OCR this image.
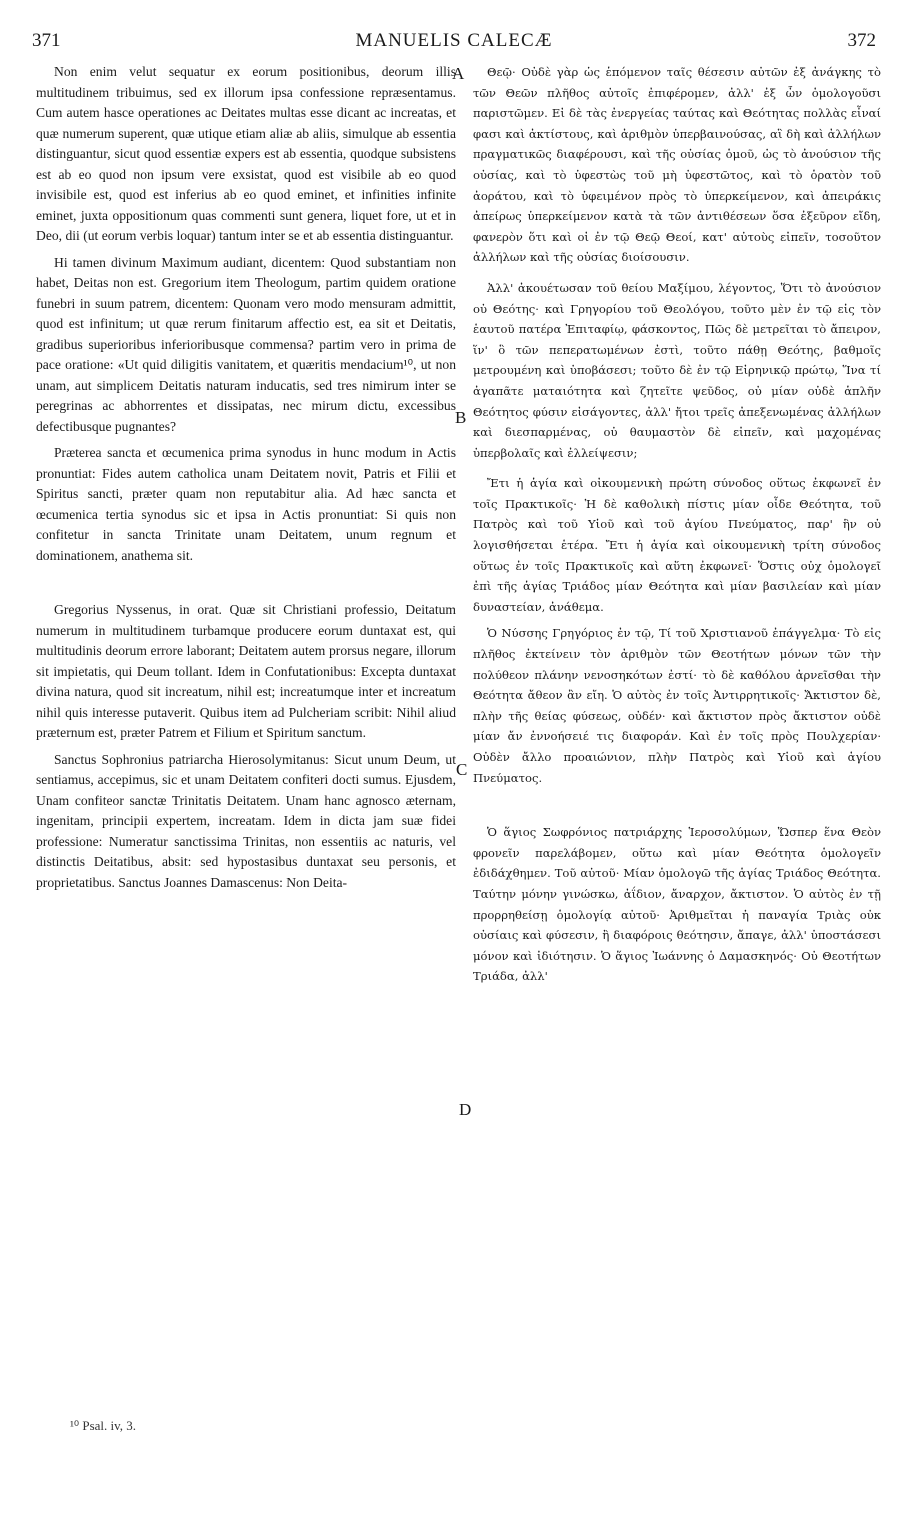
371	MANUELIS CALECÆ	372

Non enim velut sequatur ex eorum positionibus, deorum illis multitudinem tribuimus, sed ex illorum ipsa confessione repræsentamus. Cum autem hasce operationes ac Deitates multas esse dicant ac increatas, et quæ numerum superent, quæ utique etiam aliæ ab aliis, simulque ab essentia distinguantur, sicut quod essentiæ expers est ab essentia, quodque subsistens est ab eo quod non ipsum vere exsistat, quod est visibile ab eo quod invisibile est, quod est inferius ab eo quod eminet, et infinities infinite eminet, juxta oppositionum quas commenti sunt genera, liquet fore, ut et in Deo, dii (ut eorum verbis loquar) tantum inter se et ab essentia distinguantur.

Hi tamen divinum Maximum audiant, dicentem: Quod substantiam non habet, Deitas non est. Gregorium item Theologum, partim quidem oratione funebri in suum patrem, dicentem: Quonam vero modo mensuram admittit, quod est infinitum; ut quæ rerum finitarum affectio est, ea sit et Deitatis, gradibus superioribus inferioribusque commensa? partim vero in prima de pace oratione: «Ut quid diligitis vanitatem, et quæritis mendacium¹⁰, ut non unam, aut simplicem Deitatis naturam inducatis, sed tres nimirum inter se peregrinas ac abhorrentes et dissipatas, nec mirum dictu, excessibus defectibusque pugnantes?

Præterea sancta et œcumenica prima synodus in hunc modum in Actis pronuntiat: Fides autem catholica unam Deitatem novit, Patris et Filii et Spiritus sancti, præter quam non reputabitur alia. Ad hæc sancta et œcumenica tertia synodus sic et ipsa in Actis pronuntiat: Si quis non confitetur in sancta Trinitate unam Deitatem, unum regnum et dominationem, anathema sit.

Gregorius Nyssenus, in orat. Quæ sit Christiani professio, Deitatum numerum in multitudinem turbamque producere eorum duntaxat est, qui multitudinis deorum errore laborant; Deitatem autem prorsus negare, illorum sit impietatis, qui Deum tollant. Idem in Confutationibus: Excepta duntaxat divina natura, quod sit increatum, nihil est; increatumque inter et increatum nihil quis interesse putaverit. Quibus item ad Pulcheriam scribit: Nihil aliud præternum est, præter Patrem et Filium et Spiritum sanctum.

Sanctus Sophronius patriarcha Hierosolymitanus: Sicut unum Deum, ut sentiamus, accepimus, sic et unam Deitatem confiteri docti sumus. Ejusdem, Unam confiteor sanctæ Trinitatis Deitatem. Unam hanc agnosco æternam, ingenitam, principii expertem, increatam. Idem in dicta jam suæ fidei professione: Numeratur sanctissima Trinitas, non essentiis ac naturis, vel distinctis Deitatibus, absit: sed hypostasibus duntaxat seu personis, et proprietatibus. Sanctus Joannes Damascenus: Non Deita-

Θεῷ· Οὐδὲ γὰρ ὡς ἑπόμενον ταῖς θέσεσιν αὐτῶν ἐξ ἀνάγκης τὸ τῶν Θεῶν πλῆθος αὐτοῖς ἐπιφέρομεν, ἀλλ' ἐξ ὧν ὁμολογοῦσι παριστῶμεν. Εἰ δὲ τὰς ἐνεργείας ταύτας καὶ Θεότητας πολλὰς εἶναί φασι καὶ ἀκτίστους, καὶ ἀριθμὸν ὑπερβαινούσας, αἳ δὴ καὶ ἀλλήλων πραγματικῶς διαφέρουσι, καὶ τῆς οὐσίας ὁμοῦ, ὡς τὸ ἀνούσιον τῆς οὐσίας, καὶ τὸ ὑφεστὼς τοῦ μὴ ὑφεστῶτος, καὶ τὸ ὁρατὸν τοῦ ἀοράτου, καὶ τὸ ὑφειμένον πρὸς τὸ ὑπερκείμενον, καὶ ἀπειράκις ἀπείρως ὑπερκείμενον κατὰ τὰ τῶν ἀντιθέσεων ὅσα ἐξεῦρον εἴδη, φανερὸν ὅτι καὶ οἱ ἐν τῷ Θεῷ Θεοί, κατ' αὐτοὺς εἰπεῖν, τοσοῦτον ἀλλήλων καὶ τῆς οὐσίας διοίσουσιν.

Ἀλλ' ἀκουέτωσαν τοῦ θείου Μαξίμου, λέγοντος, Ὅτι τὸ ἀνούσιον οὐ Θεότης· καὶ Γρηγορίου τοῦ Θεολόγου, τοῦτο μὲν ἐν τῷ εἰς τὸν ἑαυτοῦ πατέρα Ἐπιταφίῳ, φάσκοντος, Πῶς δὲ μετρεῖται τὸ ἄπειρον, ἵν' ὃ τῶν πεπερατωμένων ἐστὶ, τοῦτο πάθῃ Θεότης, βαθμοῖς μετρουμένη καὶ ὑποβάσεσι; τοῦτο δὲ ἐν τῷ Εἰρηνικῷ πρώτῳ, Ἵνα τί ἀγαπᾶτε ματαιότητα καὶ ζητεῖτε ψεῦδος, οὐ μίαν οὐδὲ ἁπλῆν Θεότητος φύσιν εἰσάγοντες, ἀλλ' ἤτοι τρεῖς ἀπεξενωμένας ἀλλήλων καὶ διεσπαρμένας, οὐ θαυμαστὸν δὲ εἰπεῖν, καὶ μαχομένας ὑπερβολαῖς καὶ ἐλλείψεσιν;

Ἔτι ἡ ἁγία καὶ οἰκουμενικὴ πρώτη σύνοδος οὕτως ἐκφωνεῖ ἐν τοῖς Πρακτικοῖς· Ἡ δὲ καθολικὴ πίστις μίαν οἶδε Θεότητα, τοῦ Πατρὸς καὶ τοῦ Υἱοῦ καὶ τοῦ ἁγίου Πνεύματος, παρ' ἣν οὐ λογισθήσεται ἑτέρα. Ἔτι ἡ ἁγία καὶ οἰκουμενικὴ τρίτη σύνοδος οὕτως ἐν τοῖς Πρακτικοῖς καὶ αὕτη ἐκφωνεῖ· Ὅστις οὐχ ὁμολογεῖ ἐπὶ τῆς ἁγίας Τριάδος μίαν Θεότητα καὶ μίαν βασιλείαν καὶ μίαν δυναστείαν, ἀνάθεμα.

Ὁ Νύσσης Γρηγόριος ἐν τῷ, Τί τοῦ Χριστιανοῦ ἐπάγγελμα· Τὸ εἰς πλῆθος ἐκτείνειν τὸν ἀριθμὸν τῶν Θεοτήτων μόνων τῶν τὴν πολύθεον πλάνην νενοσηκότων ἐστί· τὸ δὲ καθόλου ἀρνεῖσθαι τὴν Θεότητα ἄθεον ἂν εἴη. Ὁ αὐτὸς ἐν τοῖς Ἀντιρρητικοῖς· Ἄκτιστον δὲ, πλὴν τῆς θείας φύσεως, οὐδέν· καὶ ἄκτιστον πρὸς ἄκτιστον οὐδὲ μίαν ἄν ἐννοήσειέ τις διαφοράν. Καὶ ἐν τοῖς πρὸς Πουλχερίαν· Οὐδὲν ἄλλο προαιώνιον, πλὴν Πατρὸς καὶ Υἱοῦ καὶ ἁγίου Πνεύματος.

Ὁ ἅγιος Σωφρόνιος πατριάρχης Ἱεροσολύμων, Ὥσπερ ἕνα Θεὸν φρονεῖν παρελάβομεν, οὕτω καὶ μίαν Θεότητα ὁμολογεῖν ἐδιδάχθημεν. Τοῦ αὐτοῦ· Μίαν ὁμολογῶ τῆς ἁγίας Τριάδος Θεότητα. Ταύτην μόνην γινώσκω, ἀΐδιον, ἄναρχον, ἄκτιστον. Ὁ αὐτὸς ἐν τῇ προρρηθείσῃ ὁμολογίᾳ αὐτοῦ· Ἀριθμεῖται ἡ παναγία Τριὰς οὐκ οὐσίαις καὶ φύσεσιν, ἢ διαφόροις θεότησιν, ἄπαγε, ἀλλ' ὑποστάσεσι μόνον καὶ ἰδιότησιν. Ὁ ἅγιος Ἰωάννης ὁ Δαμασκηνός· Οὐ Θεοτήτων Τριάδα, ἀλλ'

A
B
C
D
¹⁰ Psal. iv, 3.
